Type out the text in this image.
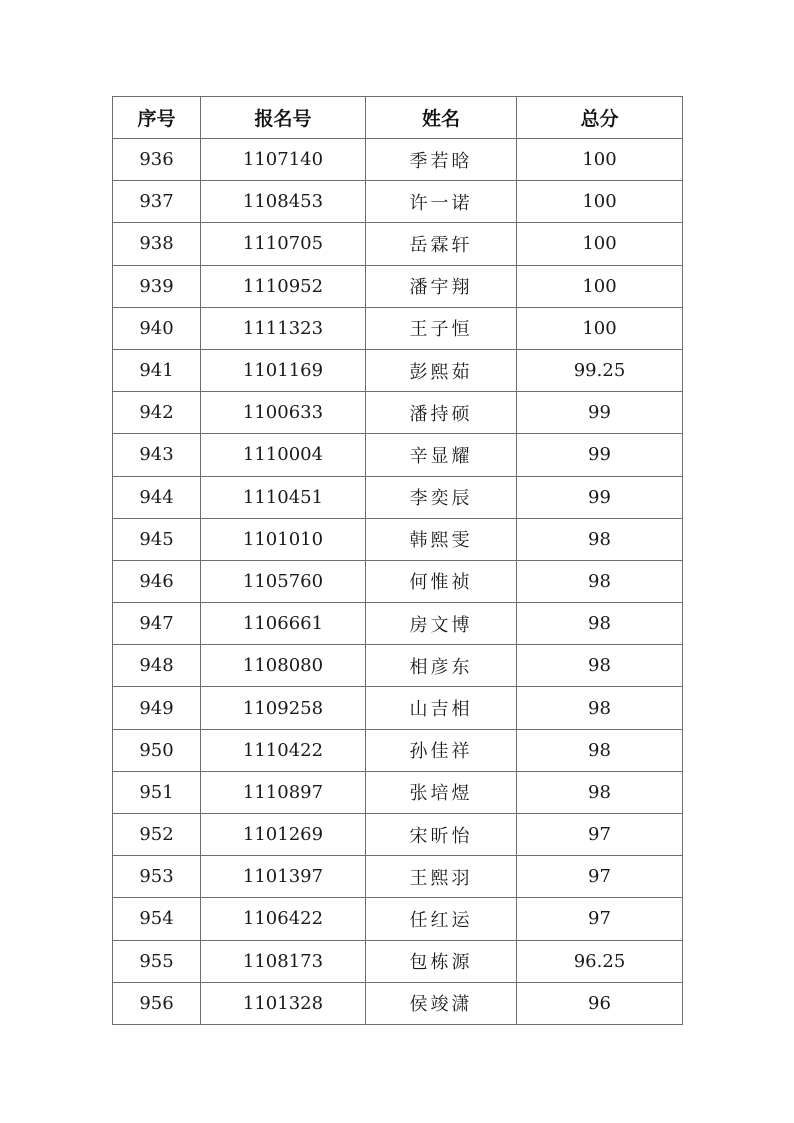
序号	报名号	姓名	总分
936	1107140	季若晗	100
937	1108453	许一诺	100
938	1110705	岳霖轩	100
939	1110952	潘宇翔	100
940	1111323	王子恒	100
941	1101169	彭熙茹	99.25
942	1100633	潘持硕	99
943	1110004	辛显耀	99
944	1110451	李奕辰	99
945	1101010	韩熙雯	98
946	1105760	何惟祯	98
947	1106661	房文博	98
948	1108080	相彦东	98
949	1109258	山吉相	98
950	1110422	孙佳祥	98
951	1110897	张培煜	98
952	1101269	宋昕怡	97
953	1101397	王熙羽	97
954	1106422	任红运	97
955	1108173	包栋源	96.25
956	1101328	侯竣潇	96
